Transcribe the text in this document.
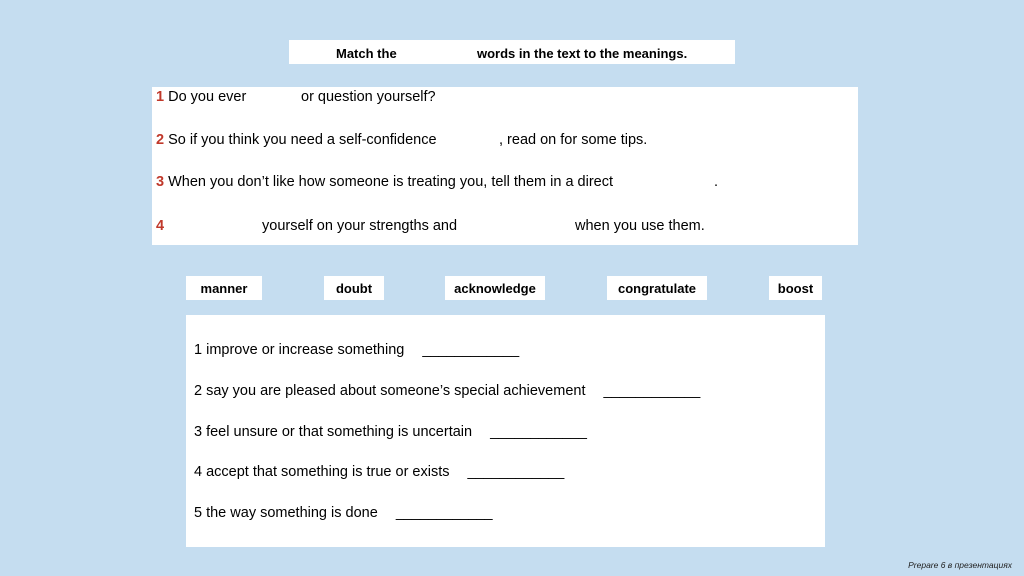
Match the	words in the text to the meanings.
1 Do you ever	or question yourself?
2 So if you think you need a self-confidence	, read on for some tips.
3 When you don’t like how someone is treating you, tell them in a direct	.
4	yourself on your strengths and	when you use them.
manner	doubt	acknowledge	congratulate	boost
1 improve or increase something ____________
2 say you are pleased about someone’s special achievement ____________
3 feel unsure or that something is uncertain ____________
4 accept that something is true or exists ____________
5 the way something is done ____________
Prepare 6 в презентациях
